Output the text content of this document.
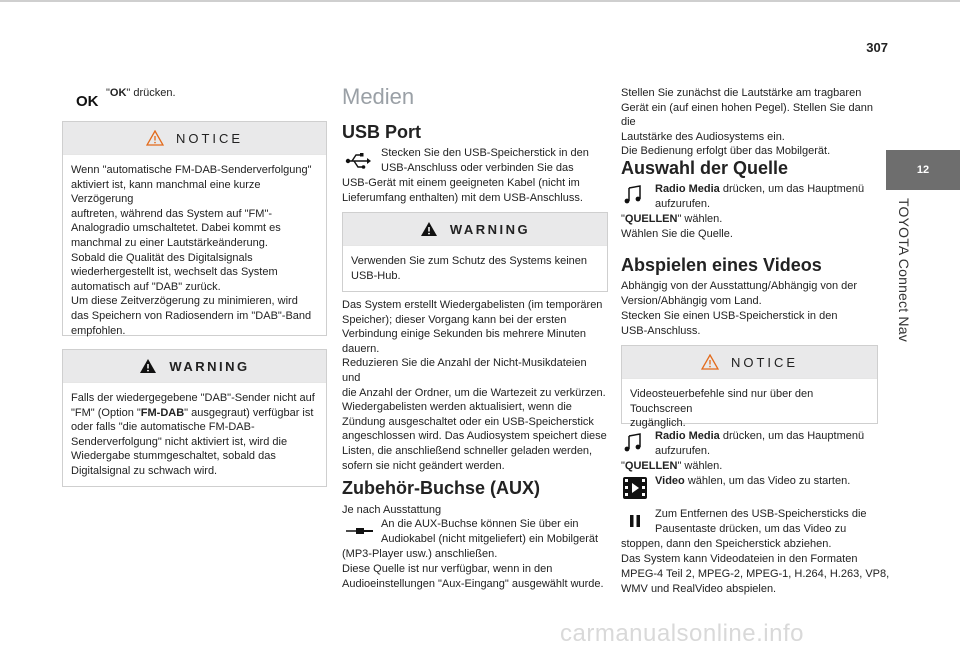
307
12
TOYOTA Connect Nav
OK "OK" drücken.
NOTICE
Wenn "automatische FM-DAB-Senderverfolgung"
aktiviert ist, kann manchmal eine kurze Verzögerung
auftreten, während das System auf "FM"-
Analogradio umschaltetet. Dabei kommt es
manchmal zu einer Lautstärkeänderung.
Sobald die Qualität des Digitalsignals
wiederhergestellt ist, wechselt das System
automatisch auf "DAB" zurück.
Um diese Zeitverzögerung zu minimieren, wird
das Speichern von Radiosendern im "DAB"-Band
empfohlen.
WARNING
Falls der wiedergegebene "DAB"-Sender nicht auf
"FM" (Option "FM-DAB" ausgegraut) verfügbar ist
oder falls "die automatische FM-DAB-
Senderverfolgung" nicht aktiviert ist, wird die
Wiedergabe stummgeschaltet, sobald das
Digitalsignal zu schwach wird.
Medien
USB Port
Stecken Sie den USB-Speicherstick in den
USB-Anschluss oder verbinden Sie das
USB-Gerät mit einem geeigneten Kabel (nicht im
Lieferumfang enthalten) mit dem USB-Anschluss.
WARNING
Verwenden Sie zum Schutz des Systems keinen
USB-Hub.
Das System erstellt Wiedergabelisten (im temporären
Speicher); dieser Vorgang kann bei der ersten
Verbindung einige Sekunden bis mehrere Minuten
dauern.
Reduzieren Sie die Anzahl der Nicht-Musikdateien und
die Anzahl der Ordner, um die Wartezeit zu verkürzen.
Wiedergabelisten werden aktualisiert, wenn die
Zündung ausgeschaltet oder ein USB-Speicherstick
angeschlossen wird. Das Audiosystem speichert diese
Listen, die anschließend schneller geladen werden,
sofern sie nicht geändert werden.
Zubehör-Buchse (AUX)
Je nach Ausstattung
An die AUX-Buchse können Sie über ein
Audiokabel (nicht mitgeliefert) ein Mobilgerät
(MP3-Player usw.) anschließen.
Diese Quelle ist nur verfügbar, wenn in den
Audioeinstellungen "Aux-Eingang" ausgewählt wurde.
Stellen Sie zunächst die Lautstärke am tragbaren
Gerät ein (auf einen hohen Pegel). Stellen Sie dann die
Lautstärke des Audiosystems ein.
Die Bedienung erfolgt über das Mobilgerät.
Auswahl der Quelle
Radio Media drücken, um das Hauptmenü
aufzurufen.
"QUELLEN" wählen.
Wählen Sie die Quelle.
Abspielen eines Videos
Abhängig von der Ausstattung/Abhängig von der
Version/Abhängig vom Land.
Stecken Sie einen USB-Speicherstick in den
USB-Anschluss.
NOTICE
Videosteuerbefehle sind nur über den Touchscreen
zugänglich.
Radio Media drücken, um das Hauptmenü
aufzurufen.
"QUELLEN" wählen.
Video wählen, um das Video zu starten.
Zum Entfernen des USB-Speichersticks die
Pausentaste drücken, um das Video zu
stoppen, dann den Speicherstick abziehen.
Das System kann Videodateien in den Formaten
MPEG-4 Teil 2, MPEG-2, MPEG-1, H.264, H.263, VP8,
WMV und RealVideo abspielen.
carmanualsonline.info
